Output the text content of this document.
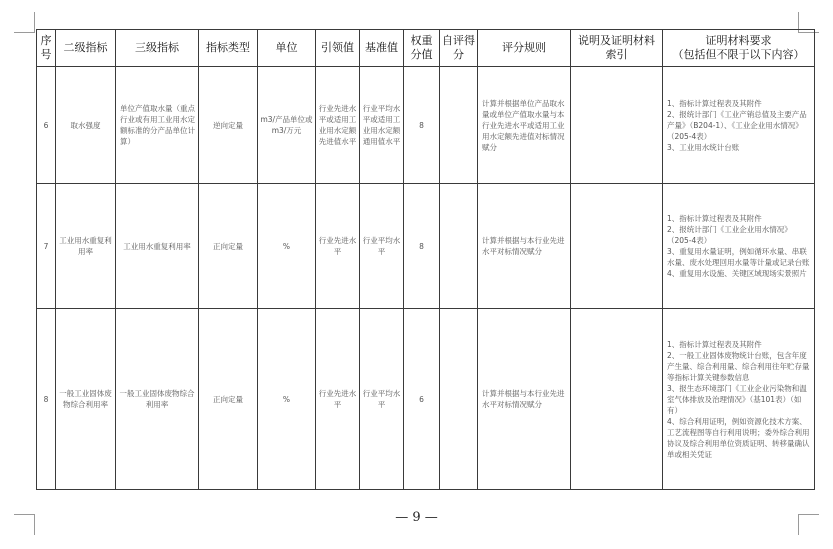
序号	二级指标	三级指标	指标类型	单位	引领值	基准值	权重分值	自评得分	评分规则	说明及证明材料索引	证明材料要求
（包括但不限于以下内容）
6	取水强度	单位产值取水量（重点行业或有用工业用水定额标准的分产品单位计算）	逆向定量	m3/产品单位或m3/万元	行业先进水平或适用工业用水定额先进值水平	行业平均水平或适用工业用水定额通用值水平	8		计算并根据单位产品取水量或单位产值取水量与本行业先进水平或适用工业用水定额先进值对标情况赋分		1、指标计算过程表及其附件
2、报统计部门《工业产销总值及主要产品产量》（B204-1）、《工业企业用水情况》（205-4表）
3、工业用水统计台账
7	工业用水重复利用率	工业用水重复利用率	正向定量	%	行业先进水平	行业平均水平	8		计算并根据与本行业先进水平对标情况赋分		1、指标计算过程表及其附件
2、报统计部门《工业企业用水情况》（205-4表）
3、重复用水量证明，例如循环水量、串联水量、废水处理回用水量等计量或记录台账
4、重复用水设施、关键区域现场实景照片
8	一般工业固体废物综合利用率	一般工业固体废物综合利用率	正向定量	%	行业先进水平	行业平均水平	6		计算并根据与本行业先进水平对标情况赋分		1、指标计算过程表及其附件
2、一般工业固体废物统计台账，包含年度产生量、综合利用量、综合利用往年贮存量等指标计算关键参数信息
3、报生态环境部门《工业企业污染物和温室气体排放及治理情况》（基101表）（如有）
4、综合利用证明，例如资源化技术方案、工艺流程图等自行利用说明；委外综合利用协议及综合利用单位资质证明、转移量确认单或相关凭证
— 9 —
